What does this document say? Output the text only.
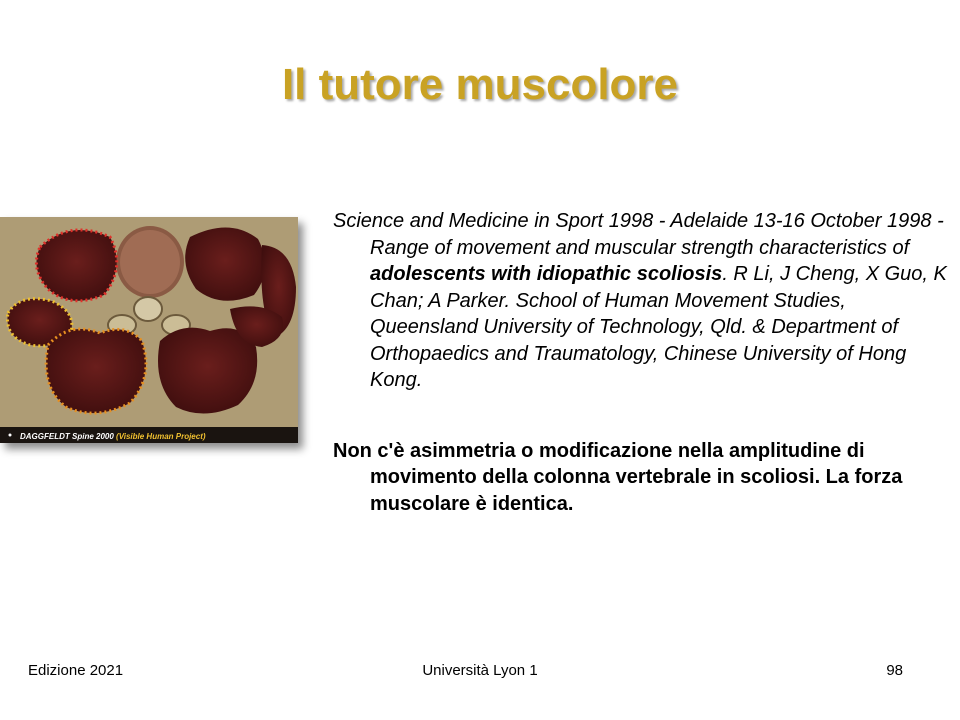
Il tutore muscolore
DAGGFELDT Spine 2000 (Visible Human Project)

Science and Medicine in Sport 1998 - Adelaide 13-16 October 1998 -Range of movement and muscular strength characteristics of adolescents with idiopathic scoliosis. R Li, J Cheng, X Guo, K Chan; A Parker. School of Human Movement Studies, Queensland University of Technology, Qld. & Department of Orthopaedics and Traumatology, Chinese University of Hong Kong.

Non c'è asimmetria o modificazione nella amplitudine di movimento della colonna vertebrale in scoliosi. La forza muscolare è identica.

Edizione 2021	Università Lyon 1	98
